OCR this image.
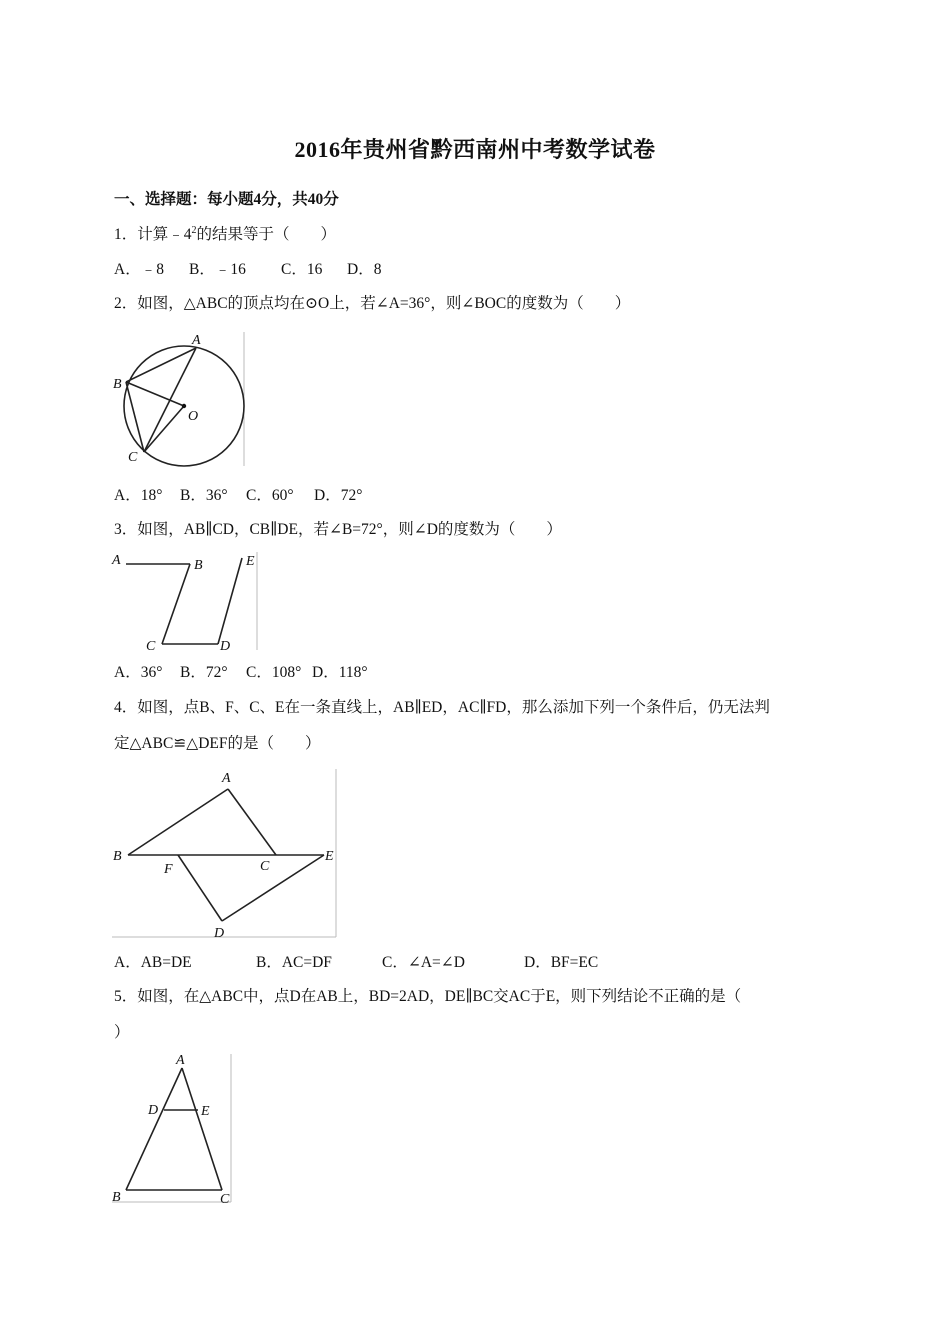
2016年贵州省黔西南州中考数学试卷
一、选择题：每小题4分，共40分
1．计算$﹣4^2$的结果等于（　　）
A．﹣8 B．﹣16 C．16 D．8
2．如图，△ABC的顶点均在⊙O上，若∠A=36°，则∠BOC的度数为（　　）
A
B
C
O
A．18° B．36° C．60° D．72°
3．如图，AB∥CD，CB∥DE，若∠B=72°，则∠D的度数为（　　）
A	B
C	D
E
A．36° B．72° C．108° D．118°
4．如图，点B、F、C、E在一条直线上，AB∥ED，AC∥FD，那么添加下列一个条件后，仍无法判
定△ABC≌△DEF的是（　　）
A
B
C
D
E
F
A．AB=DE	B．AC=DF	C．∠A=∠D	D．BF=EC
5．如图，在△ABC中，点D在AB上，BD=2AD，DE∥BC交AC于E，则下列结论不正确的是（
）
A
B	C
D	E
